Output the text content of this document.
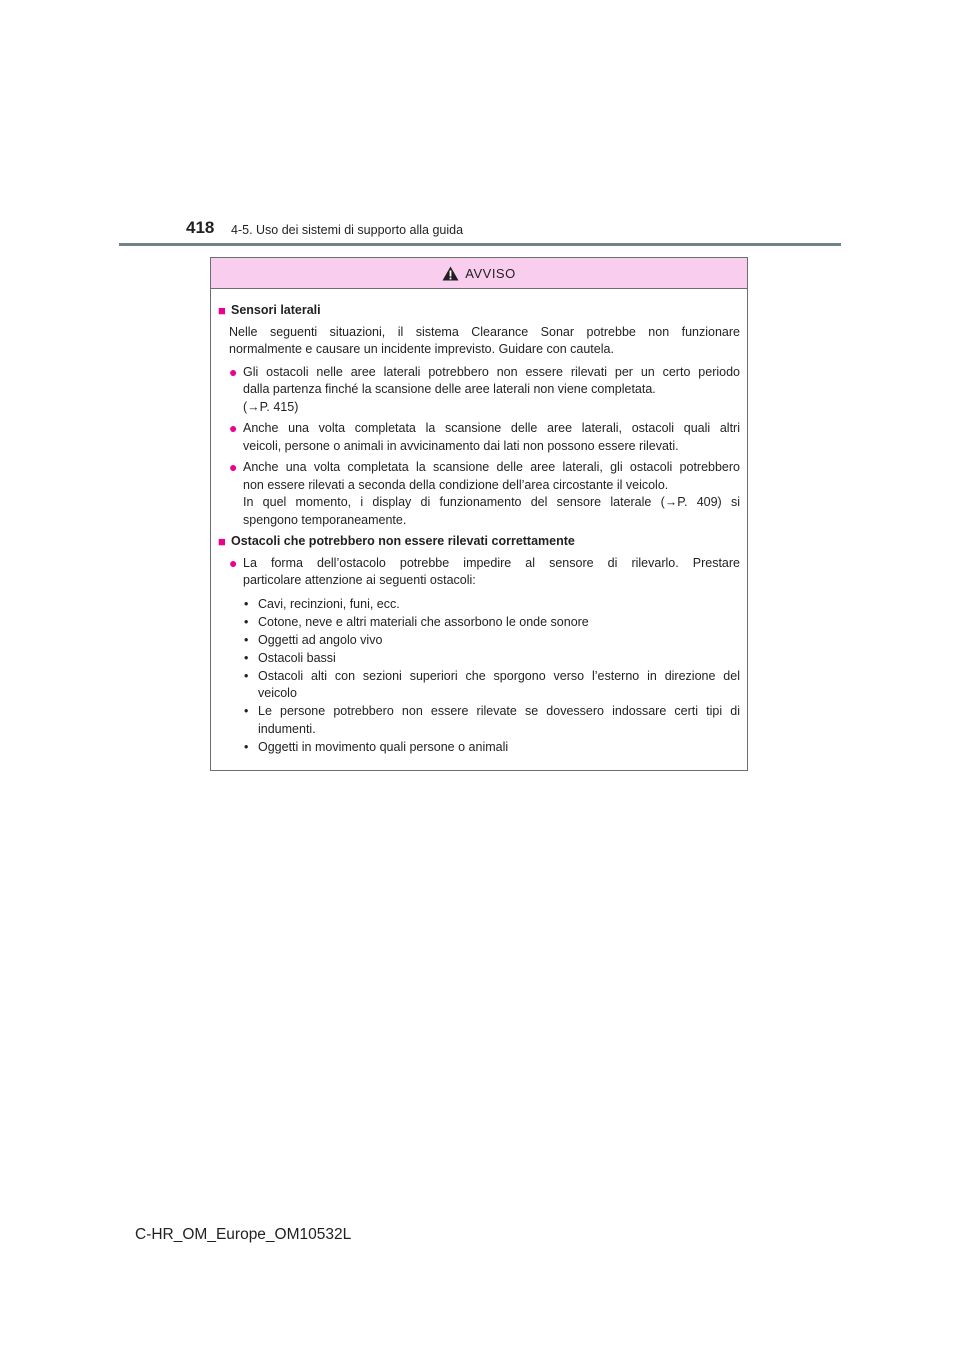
418 4-5. Uso dei sistemi di supporto alla guida
AVVISO
■ Sensori laterali
Nelle seguenti situazioni, il sistema Clearance Sonar potrebbe non funzionare
normalmente e causare un incidente imprevisto. Guidare con cautela.
● Gli ostacoli nelle aree laterali potrebbero non essere rilevati per un certo periodo
dalla partenza finché la scansione delle aree laterali non viene completata.
(→P. 415)
● Anche una volta completata la scansione delle aree laterali, ostacoli quali altri
veicoli, persone o animali in avvicinamento dai lati non possono essere rilevati.
● Anche una volta completata la scansione delle aree laterali, gli ostacoli potrebbero
non essere rilevati a seconda della condizione dell’area circostante il veicolo.
In quel momento, i display di funzionamento del sensore laterale (→P. 409) si
spengono temporaneamente.
■ Ostacoli che potrebbero non essere rilevati correttamente
● La forma dell’ostacolo potrebbe impedire al sensore di rilevarlo. Prestare
particolare attenzione ai seguenti ostacoli:
• Cavi, recinzioni, funi, ecc.
• Cotone, neve e altri materiali che assorbono le onde sonore
• Oggetti ad angolo vivo
• Ostacoli bassi
• Ostacoli alti con sezioni superiori che sporgono verso l’esterno in direzione del
veicolo
• Le persone potrebbero non essere rilevate se dovessero indossare certi tipi di
indumenti.
• Oggetti in movimento quali persone o animali
C-HR_OM_Europe_OM10532L
